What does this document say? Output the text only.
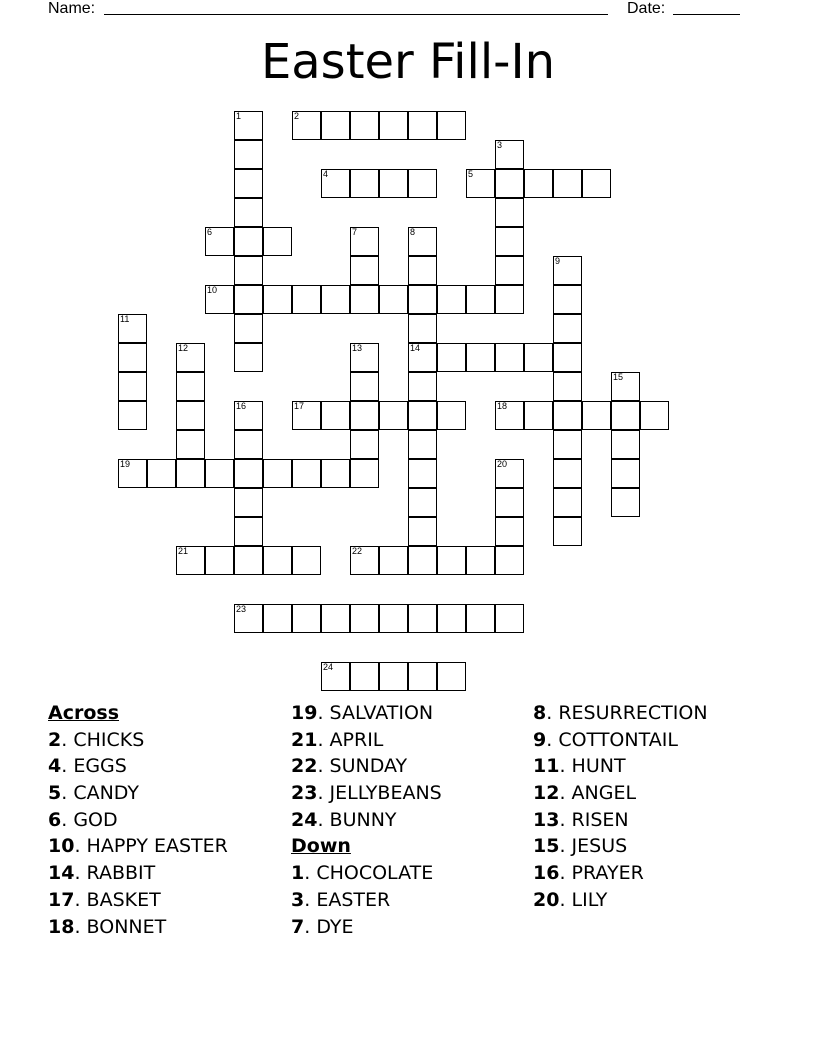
Name:	Date:
Easter Fill-In
1	2
3
4	5
6	7	8
14
9
10
11
12	13
15
16	17	18
19	20
21	22
23
24
Across
2. CHICKS
4. EGGS
5. CANDY
6. GOD
10. HAPPY EASTER
14. RABBIT
17. BASKET
18. BONNET
19. SALVATION
21. APRIL
22. SUNDAY
23. JELLYBEANS
24. BUNNY
Down
1. CHOCOLATE
3. EASTER
7. DYE
8. RESURRECTION
9. COTTONTAIL
11. HUNT
12. ANGEL
13. RISEN
15. JESUS
16. PRAYER
20. LILY
